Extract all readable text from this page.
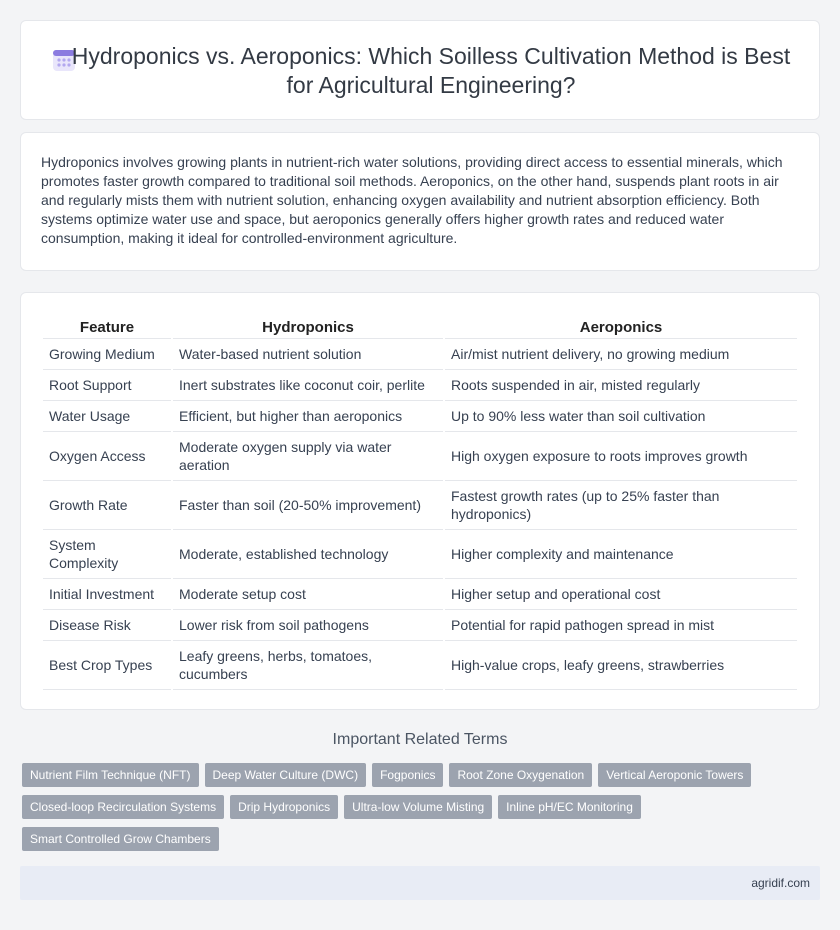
Hydroponics vs. Aeroponics: Which Soilless Cultivation Method is Best for Agricultural Engineering?

Hydroponics involves growing plants in nutrient-rich water solutions, providing direct access to essential minerals, which promotes faster growth compared to traditional soil methods. Aeroponics, on the other hand, suspends plant roots in air and regularly mists them with nutrient solution, enhancing oxygen availability and nutrient absorption efficiency. Both systems optimize water use and space, but aeroponics generally offers higher growth rates and reduced water consumption, making it ideal for controlled-environment agriculture.

Feature	Hydroponics	Aeroponics
Growing Medium	Water-based nutrient solution	Air/mist nutrient delivery, no growing medium
Root Support	Inert substrates like coconut coir, perlite	Roots suspended in air, misted regularly
Water Usage	Efficient, but higher than aeroponics	Up to 90% less water than soil cultivation
Oxygen Access	Moderate oxygen supply via water aeration	High oxygen exposure to roots improves growth
Growth Rate	Faster than soil (20-50% improvement)	Fastest growth rates (up to 25% faster than hydroponics)
System Complexity	Moderate, established technology	Higher complexity and maintenance
Initial Investment	Moderate setup cost	Higher setup and operational cost
Disease Risk	Lower risk from soil pathogens	Potential for rapid pathogen spread in mist
Best Crop Types	Leafy greens, herbs, tomatoes, cucumbers	High-value crops, leafy greens, strawberries
Important Related Terms
Nutrient Film Technique (NFT)	Deep Water Culture (DWC)	Fogponics	Root Zone Oxygenation	Vertical Aeroponic Towers
Closed-loop Recirculation Systems	Drip Hydroponics	Ultra-low Volume Misting	Inline pH/EC Monitoring
Smart Controlled Grow Chambers
agridif.com
